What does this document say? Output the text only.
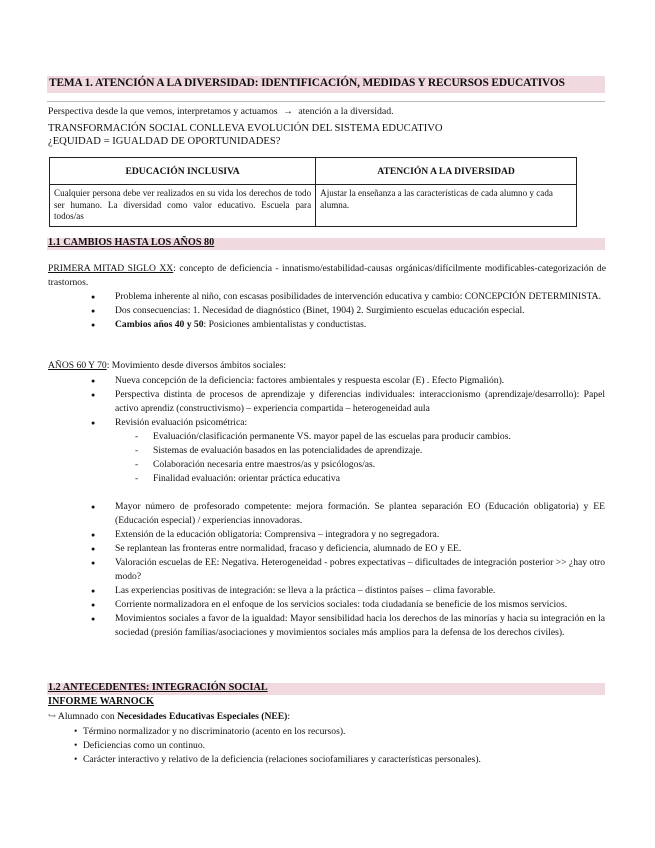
TEMA 1. ATENCIÓN A LA DIVERSIDAD: IDENTIFICACIÓN, MEDIDAS Y RECURSOS EDUCATIVOS
Perspectiva desde la que vemos, interpretamos y actuamos → atención a la diversidad.
TRANSFORMACIÓN SOCIAL CONLLEVA EVOLUCIÓN DEL SISTEMA EDUCATIVO
¿EQUIDAD = IGUALDAD DE OPORTUNIDADES?
EDUCACIÓN INCLUSIVA	ATENCIÓN A LA DIVERSIDAD
Cualquier persona debe ver realizados en su vida los derechos de todo ser humano. La diversidad como valor educativo. Escuela para todos/as	Ajustar la enseñanza a las características de cada alumno y cada alumna.
1.1 CAMBIOS HASTA LOS AÑOS 80
PRIMERA MITAD SIGLO XX: concepto de deficiencia - innatismo/estabilidad-causas orgánicas/difícilmente modificables-categorización de trastornos.
● Problema inherente al niño, con escasas posibilidades de intervención educativa y cambio: CONCEPCIÓN DETERMINISTA.
● Dos consecuencias: 1. Necesidad de diagnóstico (Binet, 1904) 2. Surgimiento escuelas educación especial.
● Cambios años 40 y 50: Posiciones ambientalistas y conductistas.
AÑOS 60 Y 70: Movimiento desde diversos ámbitos sociales:
● Nueva concepción de la deficiencia: factores ambientales y respuesta escolar (E) . Efecto Pigmalión).
● Perspectiva distinta de procesos de aprendizaje y diferencias individuales: interaccionismo (aprendizaje/desarrollo): Papel activo aprendiz (constructivismo) – experiencia compartida – heterogeneidad aula
● Revisión evaluación psicométrica:
- Evaluación/clasificación permanente VS. mayor papel de las escuelas para producir cambios.
- Sistemas de evaluación basados en las potencialidades de aprendizaje.
- Colaboración necesaria entre maestros/as y psicólogos/as.
- Finalidad evaluación: orientar práctica educativa
● Mayor número de profesorado competente: mejora formación. Se plantea separación EO (Educación obligatoria) y EE (Educación especial) / experiencias innovadoras.
● Extensión de la educación obligatoria: Comprensiva – integradora y no segregadora.
● Se replantean las fronteras entre normalidad, fracaso y deficiencia, alumnado de EO y EE.
● Valoración escuelas de EE: Negativa. Heterogeneidad - pobres expectativas – dificultades de integración posterior >> ¿hay otro modo?
● Las experiencias positivas de integración: se lleva a la práctica – distintos países – clima favorable.
● Corriente normalizadora en el enfoque de los servicios sociales: toda ciudadanía se beneficie de los mismos servicios.
● Movimientos sociales a favor de la igualdad: Mayor sensibilidad hacia los derechos de las minorías y hacia su integración en la sociedad (presión familias/asociaciones y movimientos sociales más amplios para la defensa de los derechos civiles).
1.2 ANTECEDENTES: INTEGRACIÓN SOCIAL
INFORME WARNOCK
↪ Alumnado con Necesidades Educativas Especiales (NEE):
• Término normalizador y no discriminatorio (acento en los recursos).
• Deficiencias como un continuo.
• Carácter interactivo y relativo de la deficiencia (relaciones sociofamiliares y características personales).
